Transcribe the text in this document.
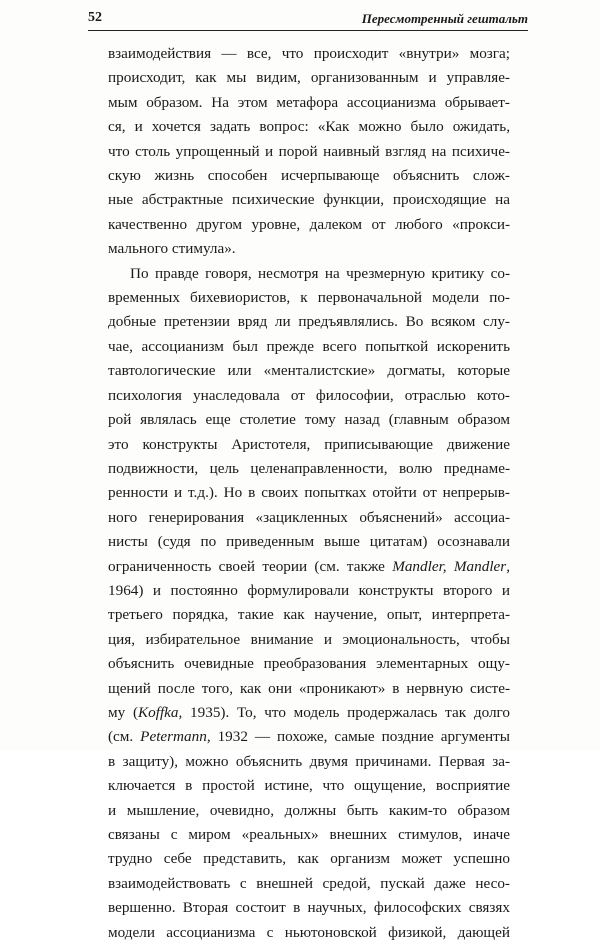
52	Пересмотренный гештальт

взаимодействия — все, что происходит «внутри» мозга;
происходит, как мы видим, организованным и управляе-
мым образом. На этом метафора ассоцианизма обрывает-
ся, и хочется задать вопрос: «Как можно было ожидать,
что столь упрощенный и порой наивный взгляд на психиче-
скую жизнь способен исчерпывающе объяснить слож-
ные абстрактные психические функции, происходящие на
качественно другом уровне, далеком от любого «прокси-
мального стимула».

По правде говоря, несмотря на чрезмерную критику со-
временных бихевиористов, к первоначальной модели по-
добные претензии вряд ли предъявлялись. Во всяком слу-
чае, ассоцианизм был прежде всего попыткой искоренить
тавтологические или «менталистские» догматы, которые
психология унаследовала от философии, отраслью кото-
рой являлась еще столетие тому назад (главным образом
это конструкты Аристотеля, приписывающие движение
подвижности, цель целенаправленности, волю преднаме-
ренности и т.д.). Но в своих попытках отойти от непрерыв-
ного генерирования «зацикленных объяснений» ассоциа-
нисты (судя по приведенным выше цитатам) осознавали
ограниченность своей теории (см. также Mandler, Mandler,
1964) и постоянно формулировали конструкты второго и
третьего порядка, такие как научение, опыт, интерпрета-
ция, избирательное внимание и эмоциональность, чтобы
объяснить очевидные преобразования элементарных ощу-
щений после того, как они «проникают» в нервную систе-
му (Koffka, 1935). То, что модель продержалась так долго
(см. Petermann, 1932 — похоже, самые поздние аргументы
в защиту), можно объяснить двумя причинами. Первая за-
ключается в простой истине, что ощущение, восприятие
и мышление, очевидно, должны быть каким-то образом
связаны с миром «реальных» внешних стимулов, иначе
трудно себе представить, как организм может успешно
взаимодействовать с внешней средой, пускай даже несо-
вершенно. Вторая состоит в научных, философских связях
модели ассоцианизма с ньютоновской физикой, дающей
